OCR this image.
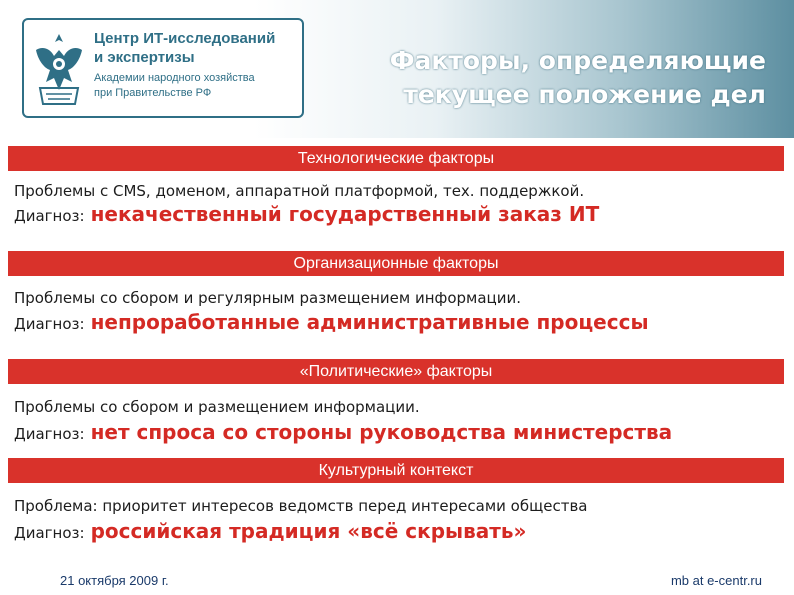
Центр ИТ-исследований
и экспертизы
Академии народного хозяйства
при Правительстве РФ
Факторы, определяющие
текущее положение дел
Технологические факторы
Проблемы с CMS, доменом, аппаратной платформой, тех. поддержкой.
Диагноз: некачественный государственный заказ ИТ
Организационные факторы
Проблемы со сбором и регулярным размещением информации.
Диагноз: непроработанные административные процессы
«Политические» факторы
Проблемы со сбором и размещением информации.
Диагноз: нет спроса со стороны руководства министерства
Культурный контекст
Проблема: приоритет интересов ведомств перед интересами общества
Диагноз: российская традиция «всё скрывать»
21 октября 2009 г.	mb at e-centr.ru
